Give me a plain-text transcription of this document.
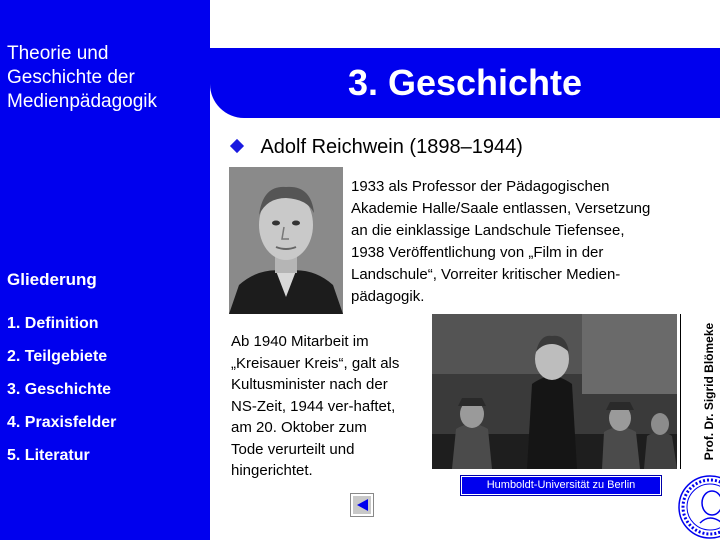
Theorie und
Geschichte der
Medienpädagogik
Gliederung
1. Definition
2. Teilgebiete
3. Geschichte
4. Praxisfelder
5. Literatur
3. Geschichte
Adolf Reichwein (1898–1944)
1933 als Professor der Pädagogischen
Akademie Halle/Saale entlassen, Versetzung
an die einklassige Landschule Tiefensee,
1938 Veröffentlichung von „Film in der
Landschule“, Vorreiter kritischer Medien-
pädagogik.
Ab 1940 Mitarbeit im
„Kreisauer Kreis“, galt als
Kultusminister nach der
NS-Zeit, 1944 ver-haftet,
am 20. Oktober zum
Tode verurteilt und
hingerichtet.
Prof. Dr. Sigrid Blömeke
Humboldt-Universität zu Berlin
